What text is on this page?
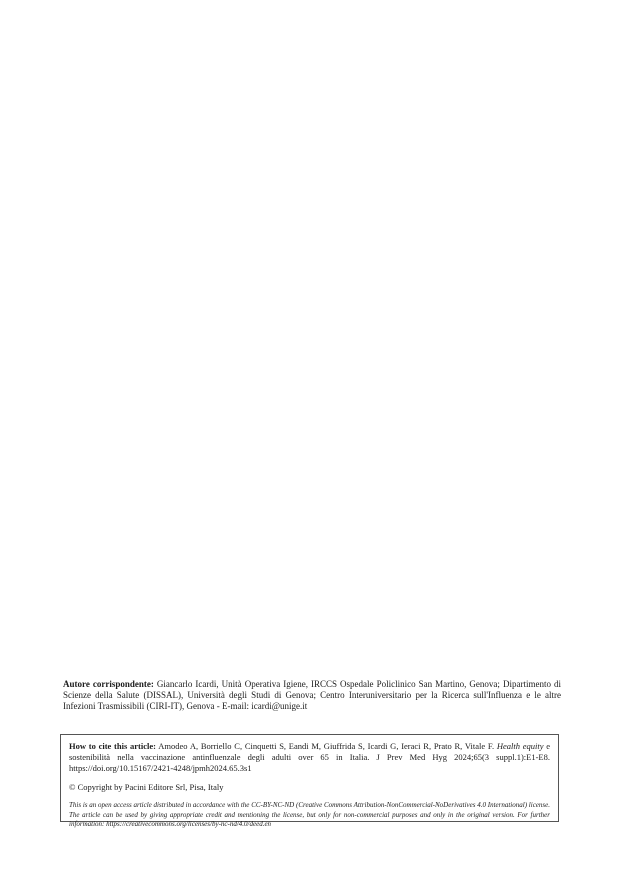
Autore corrispondente: Giancarlo Icardi, Unità Operativa Igiene, IRCCS Ospedale Policlinico San Martino, Genova; Dipartimento di Scienze della Salute (DISSAL), Università degli Studi di Genova; Centro Interuniversitario per la Ricerca sull'Influenza e le altre Infezioni Trasmissibili (CIRI-IT), Genova - E-mail: icardi@unige.it

How to cite this article: Amodeo A, Borriello C, Cinquetti S, Eandi M, Giuffrida S, Icardi G, Ieraci R, Prato R, Vitale F. Health equity e sostenibilità nella vaccinazione antinfluenzale degli adulti over 65 in Italia. J Prev Med Hyg 2024;65(3 suppl.1):E1-E8. https://doi.org/10.15167/2421-4248/jpmh2024.65.3s1

© Copyright by Pacini Editore Srl, Pisa, Italy

This is an open access article distributed in accordance with the CC-BY-NC-ND (Creative Commons Attribution-NonCommercial-NoDerivatives 4.0 International) license. The article can be used by giving appropriate credit and mentioning the license, but only for non-commercial purposes and only in the original version. For further information: https://creativecommons.org/licenses/by-nc-nd/4.0/deed.en
